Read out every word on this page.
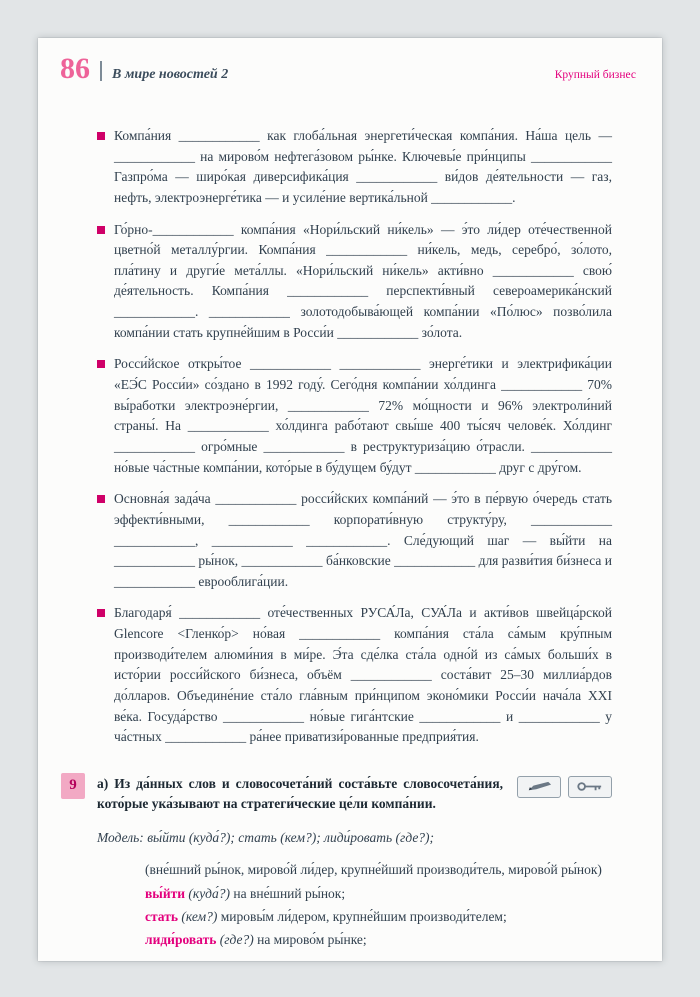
86 В мире новостей 2	Крупный бизнес

Компа́ния ____________ как глоба́льная энергети́ческая компа́ния. На́ша цель — ____________ на мирово́м нефтега́зовом ры́нке. Ключевы́е при́нципы ____________ Газпро́ма — широ́кая диверсифика́ция ____________ ви́дов де́ятельности — газ, нефть, электроэнерге́тика — и усиле́ние вертика́льной ____________.

Го́рно-____________ компа́ния «Нори́льский ни́кель» — э́то ли́дер оте́чественной цветно́й металлу́ргии. Компа́ния ____________ ни́кель, медь, серебро́, зо́лото, пла́тину и други́е мета́ллы. «Нори́льский ни́кель» акти́вно ____________ свою́ де́ятельность. Компа́ния ____________ перспекти́вный североамерика́нский ____________. ____________ золотодобыва́ющей компа́нии «По́люс» позво́лила компа́нии стать крупне́йшим в Росси́и ____________ зо́лота.

Росси́йское откры́тое ____________ ____________ энерге́тики и электрифика́ции «ЕЭ́С Росси́и» со́здано в 1992 году́. Сего́дня компа́нии хо́лдинга ____________ 70% вы́работки электроэне́ргии, ____________ 72% мо́щности и 96% электроли́ний страны́. На ____________ хо́лдинга рабо́тают свы́ше 400 ты́сяч челове́к. Хо́лдинг ____________ огро́мные ____________ в реструктуриза́цию о́трасли. ____________ но́вые ча́стные компа́нии, кото́рые в бу́дущем бу́дут ____________ друг с дру́гом.

Основна́я зада́ча ____________ росси́йских компа́ний — э́то в пе́рвую о́чередь стать эффекти́вными, ____________ корпорати́вную структу́ру, ____________ ____________, ____________ ____________. Сле́дующий шаг — вы́йти на ____________ ры́нок, ____________ ба́нковские ____________ для разви́тия би́знеса и ____________ еврооблига́ции.

Благодаря́ ____________ оте́чественных РУСА́Ла, СУА́Ла и акти́вов швейца́рской Glencore <Гленко́р> но́вая ____________ компа́ния ста́ла са́мым кру́пным производи́телем алюми́ния в ми́ре. Э́та сде́лка ста́ла одно́й из са́мых больши́х в исто́рии росси́йского би́знеса, объём ____________ соста́вит 25–30 миллиа́рдов до́лларов. Объедине́ние ста́ло гла́вным при́нципом эконо́мики Росси́и нача́ла XXI ве́ка. Госуда́рство ____________ но́вые гига́нтские ____________ и ____________ у ча́стных ____________ ра́нее приватизи́рованные предприя́тия.

9	а) Из да́нных слов и словосочета́ний соста́вьте словосочета́ния, кото́рые ука́зывают на стратеги́ческие це́ли компа́нии.

Модель: вы́йти (куда́?); стать (кем?); лиди́ровать (где?);

(вне́шний ры́нок, мирово́й ли́дер, крупне́йший производи́тель, мирово́й ры́нок)

вы́йти (куда́?) на вне́шний ры́нок;

стать (кем?) мировы́м ли́дером, крупне́йшим производи́телем;

лиди́ровать (где?) на мирово́м ры́нке;
